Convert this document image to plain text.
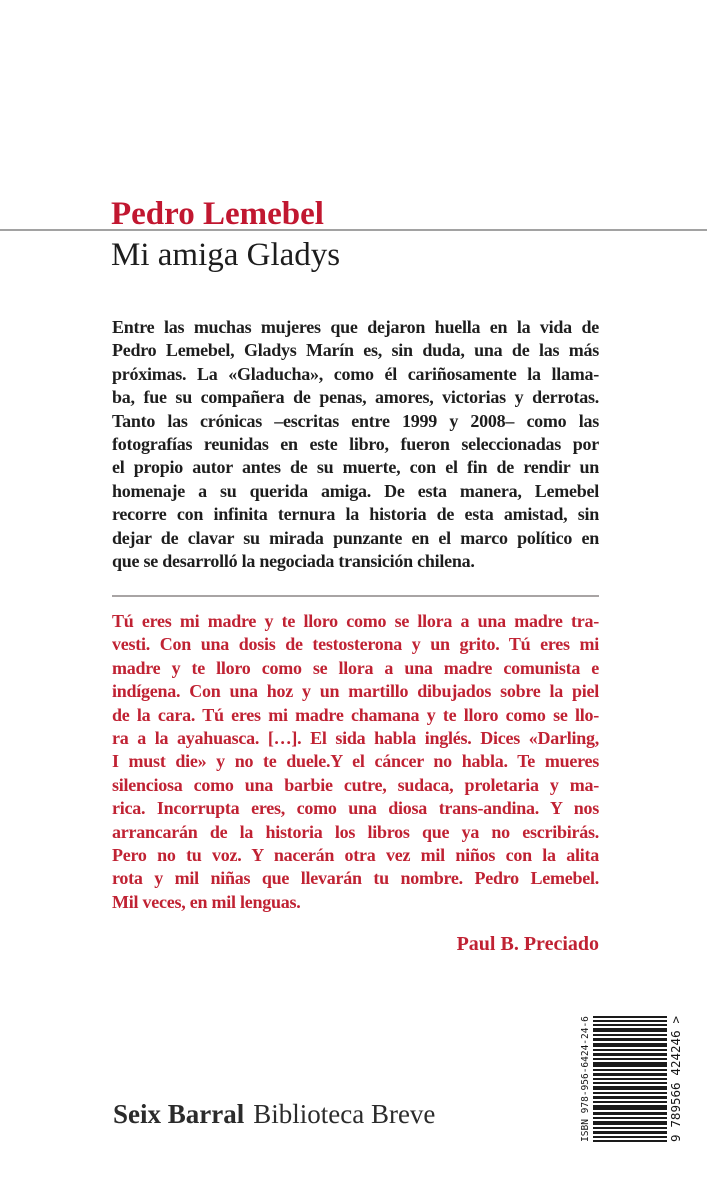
Pedro Lemebel
Mi amiga Gladys
Entre las muchas mujeres que dejaron huella en la vida de
Pedro Lemebel, Gladys Marín es, sin duda, una de las más
próximas. La «Gladucha», como él cariñosamente la llama-
ba, fue su compañera de penas, amores, victorias y derrotas.
Tanto las crónicas –escritas entre 1999 y 2008– como las
fotografías reunidas en este libro, fueron seleccionadas por
el propio autor antes de su muerte, con el fin de rendir un
homenaje a su querida amiga. De esta manera, Lemebel
recorre con infinita ternura la historia de esta amistad, sin
dejar de clavar su mirada punzante en el marco político en
que se desarrolló la negociada transición chilena.
Tú eres mi madre y te lloro como se llora a una madre tra-
vesti. Con una dosis de testosterona y un grito. Tú eres mi
madre y te lloro como se llora a una madre comunista e
indígena. Con una hoz y un martillo dibujados sobre la piel
de la cara. Tú eres mi madre chamana y te lloro como se llo-
ra a la ayahuasca. […]. El sida habla inglés. Dices «Darling,
I must die» y no te duele.Y el cáncer no habla. Te mueres
silenciosa como una barbie cutre, sudaca, proletaria y ma-
rica. Incorrupta eres, como una diosa trans-andina. Y nos
arrancarán de la historia los libros que ya no escribirás.
Pero no tu voz. Y nacerán otra vez mil niños con la alita
rota y mil niñas que llevarán tu nombre. Pedro Lemebel.
Mil veces, en mil lenguas.
Paul B. Preciado
Seix Barral Biblioteca Breve	ISBN 978-956-6424-24-6	9
789566
424246
>
